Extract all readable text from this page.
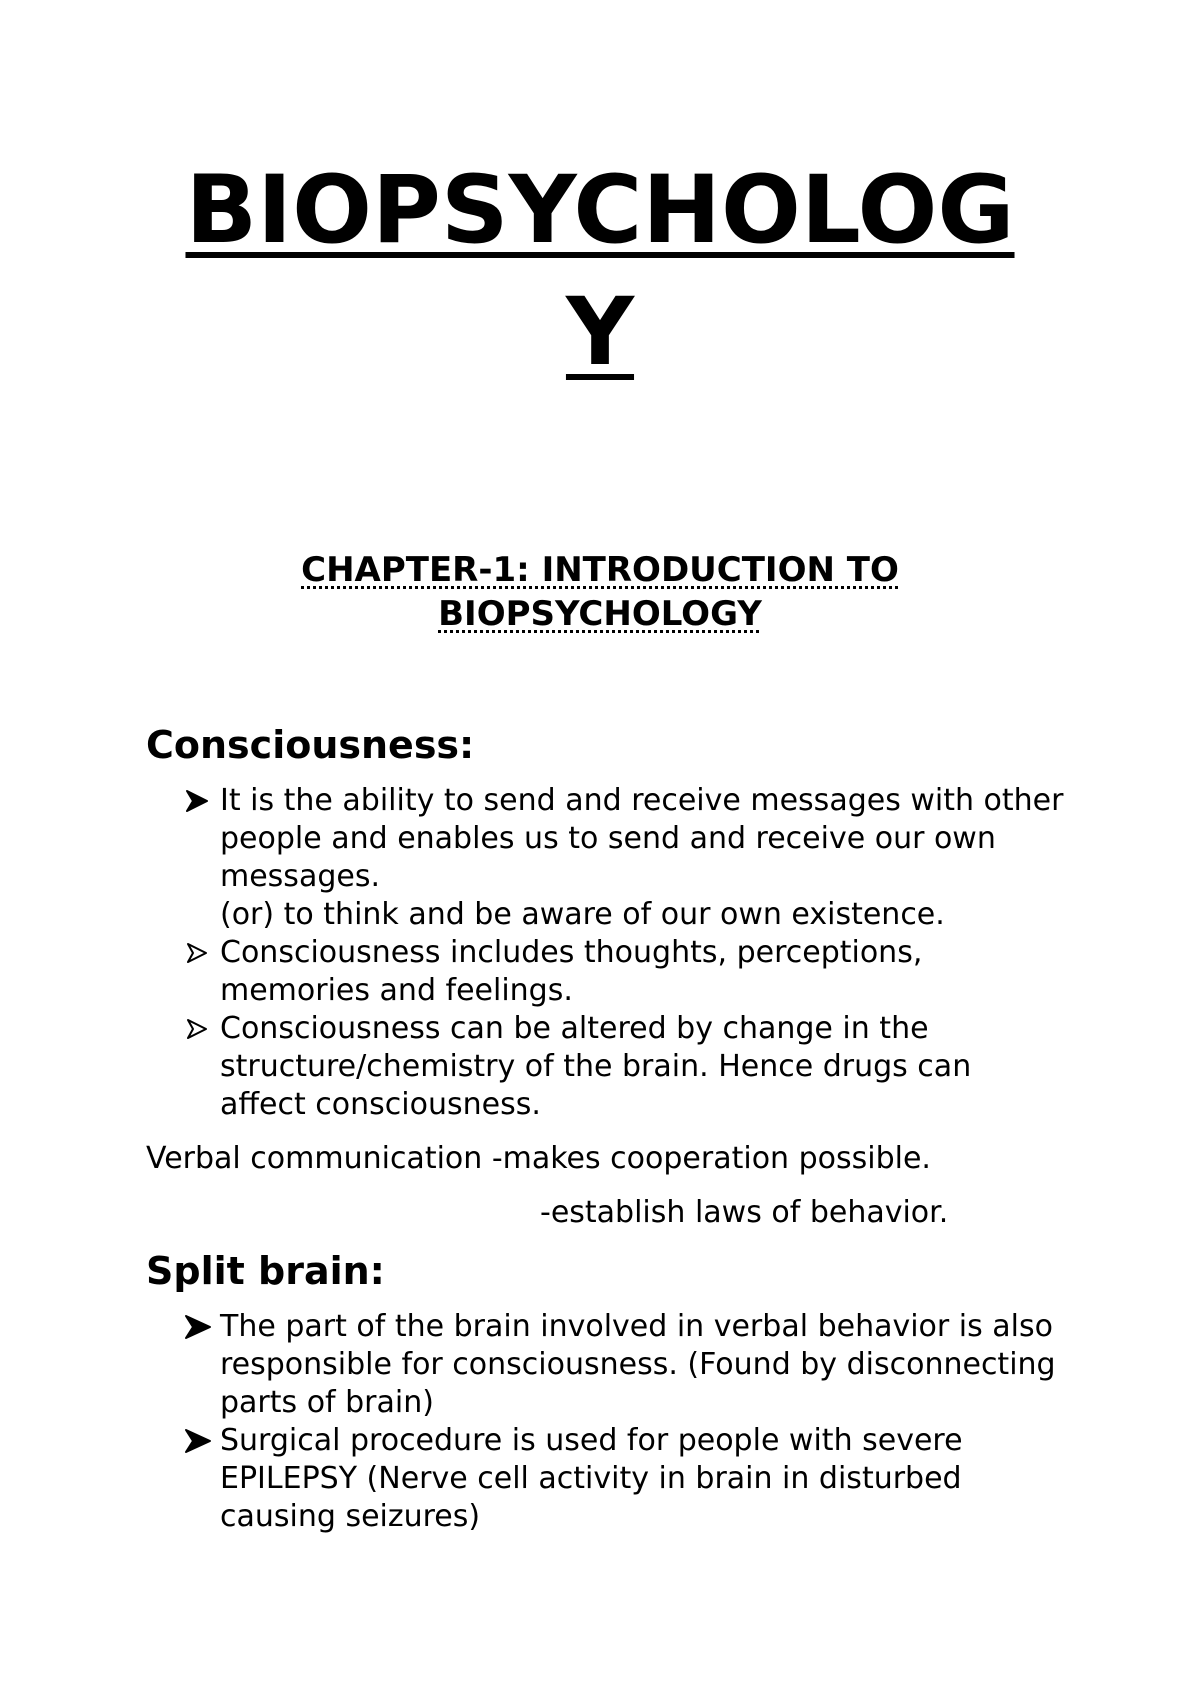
BIOPSYCHOLOG
Y
CHAPTER-1: INTRODUCTION TO
BIOPSYCHOLOGY
Consciousness:
It is the ability to send and receive messages with other people and enables us to send and receive our own messages.
(or) to think and be aware of our own existence.
Consciousness includes thoughts, perceptions, memories and feelings.
Consciousness can be altered by change in the structure/chemistry of the brain. Hence drugs can affect consciousness.
Verbal communication -makes cooperation possible.
-establish laws of behavior.
Split brain:
The part of the brain involved in verbal behavior is also responsible for consciousness. (Found by disconnecting parts of brain)
Surgical procedure is used for people with severe EPILEPSY (Nerve cell activity in brain in disturbed causing seizures)
